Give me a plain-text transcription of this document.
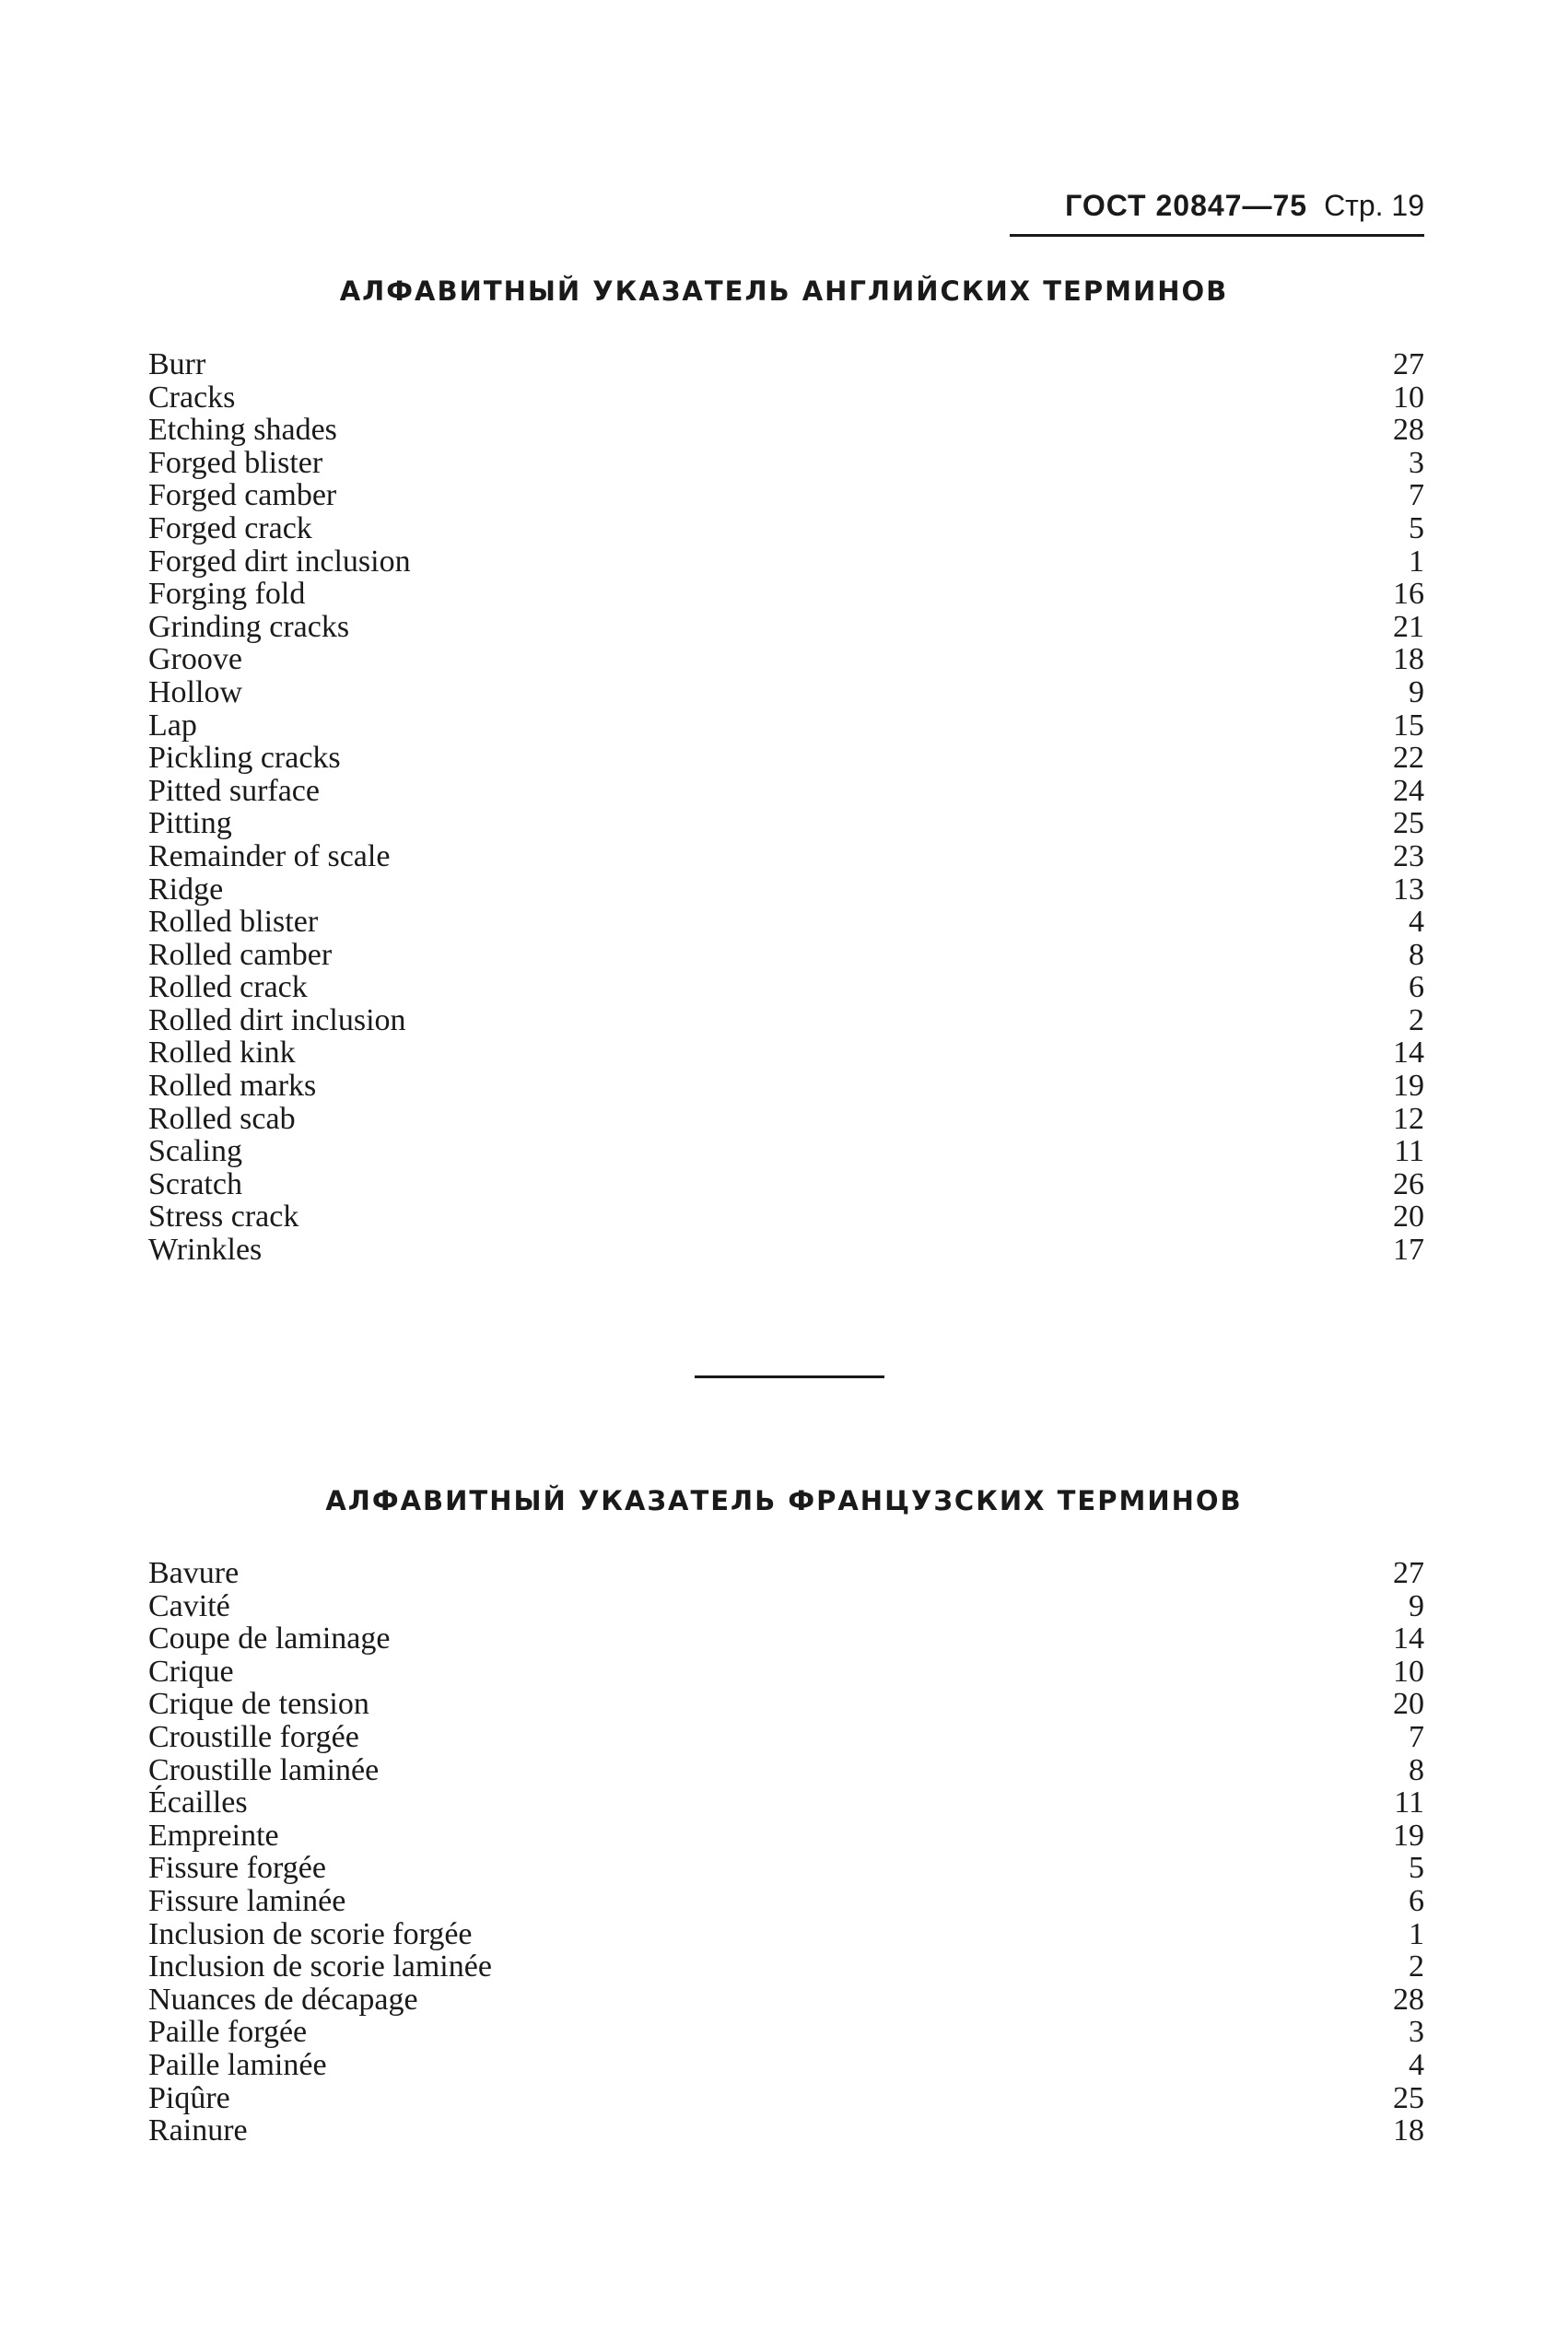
ГОСТ 20847—75 Стр. 19
АЛФАВИТНЫЙ УКАЗАТЕЛЬ АНГЛИЙСКИХ ТЕРМИНОВ
Burr	27
Cracks	10
Etching shades	28
Forged blister	3
Forged camber	7
Forged crack	5
Forged dirt inclusion	1
Forging fold	16
Grinding cracks	21
Groove	18
Hollow	9
Lap	15
Pickling cracks	22
Pitted surface	24
Pitting	25
Remainder of scale	23
Ridge	13
Rolled blister	4
Rolled camber	8
Rolled crack	6
Rolled dirt inclusion	2
Rolled kink	14
Rolled marks	19
Rolled scab	12
Scaling	11
Scratch	26
Stress crack	20
Wrinkles	17
АЛФАВИТНЫЙ УКАЗАТЕЛЬ ФРАНЦУЗСКИХ ТЕРМИНОВ
Bavure	27
Cavité	9
Coupe de laminage	14
Crique	10
Crique de tension	20
Croustille forgée	7
Croustille laminée	8
Écailles	11
Empreinte	19
Fissure forgée	5
Fissure laminée	6
Inclusion de scorie forgée	1
Inclusion de scorie laminée	2
Nuances de décapage	28
Paille forgée	3
Paille laminée	4
Piqûre	25
Rainure	18
